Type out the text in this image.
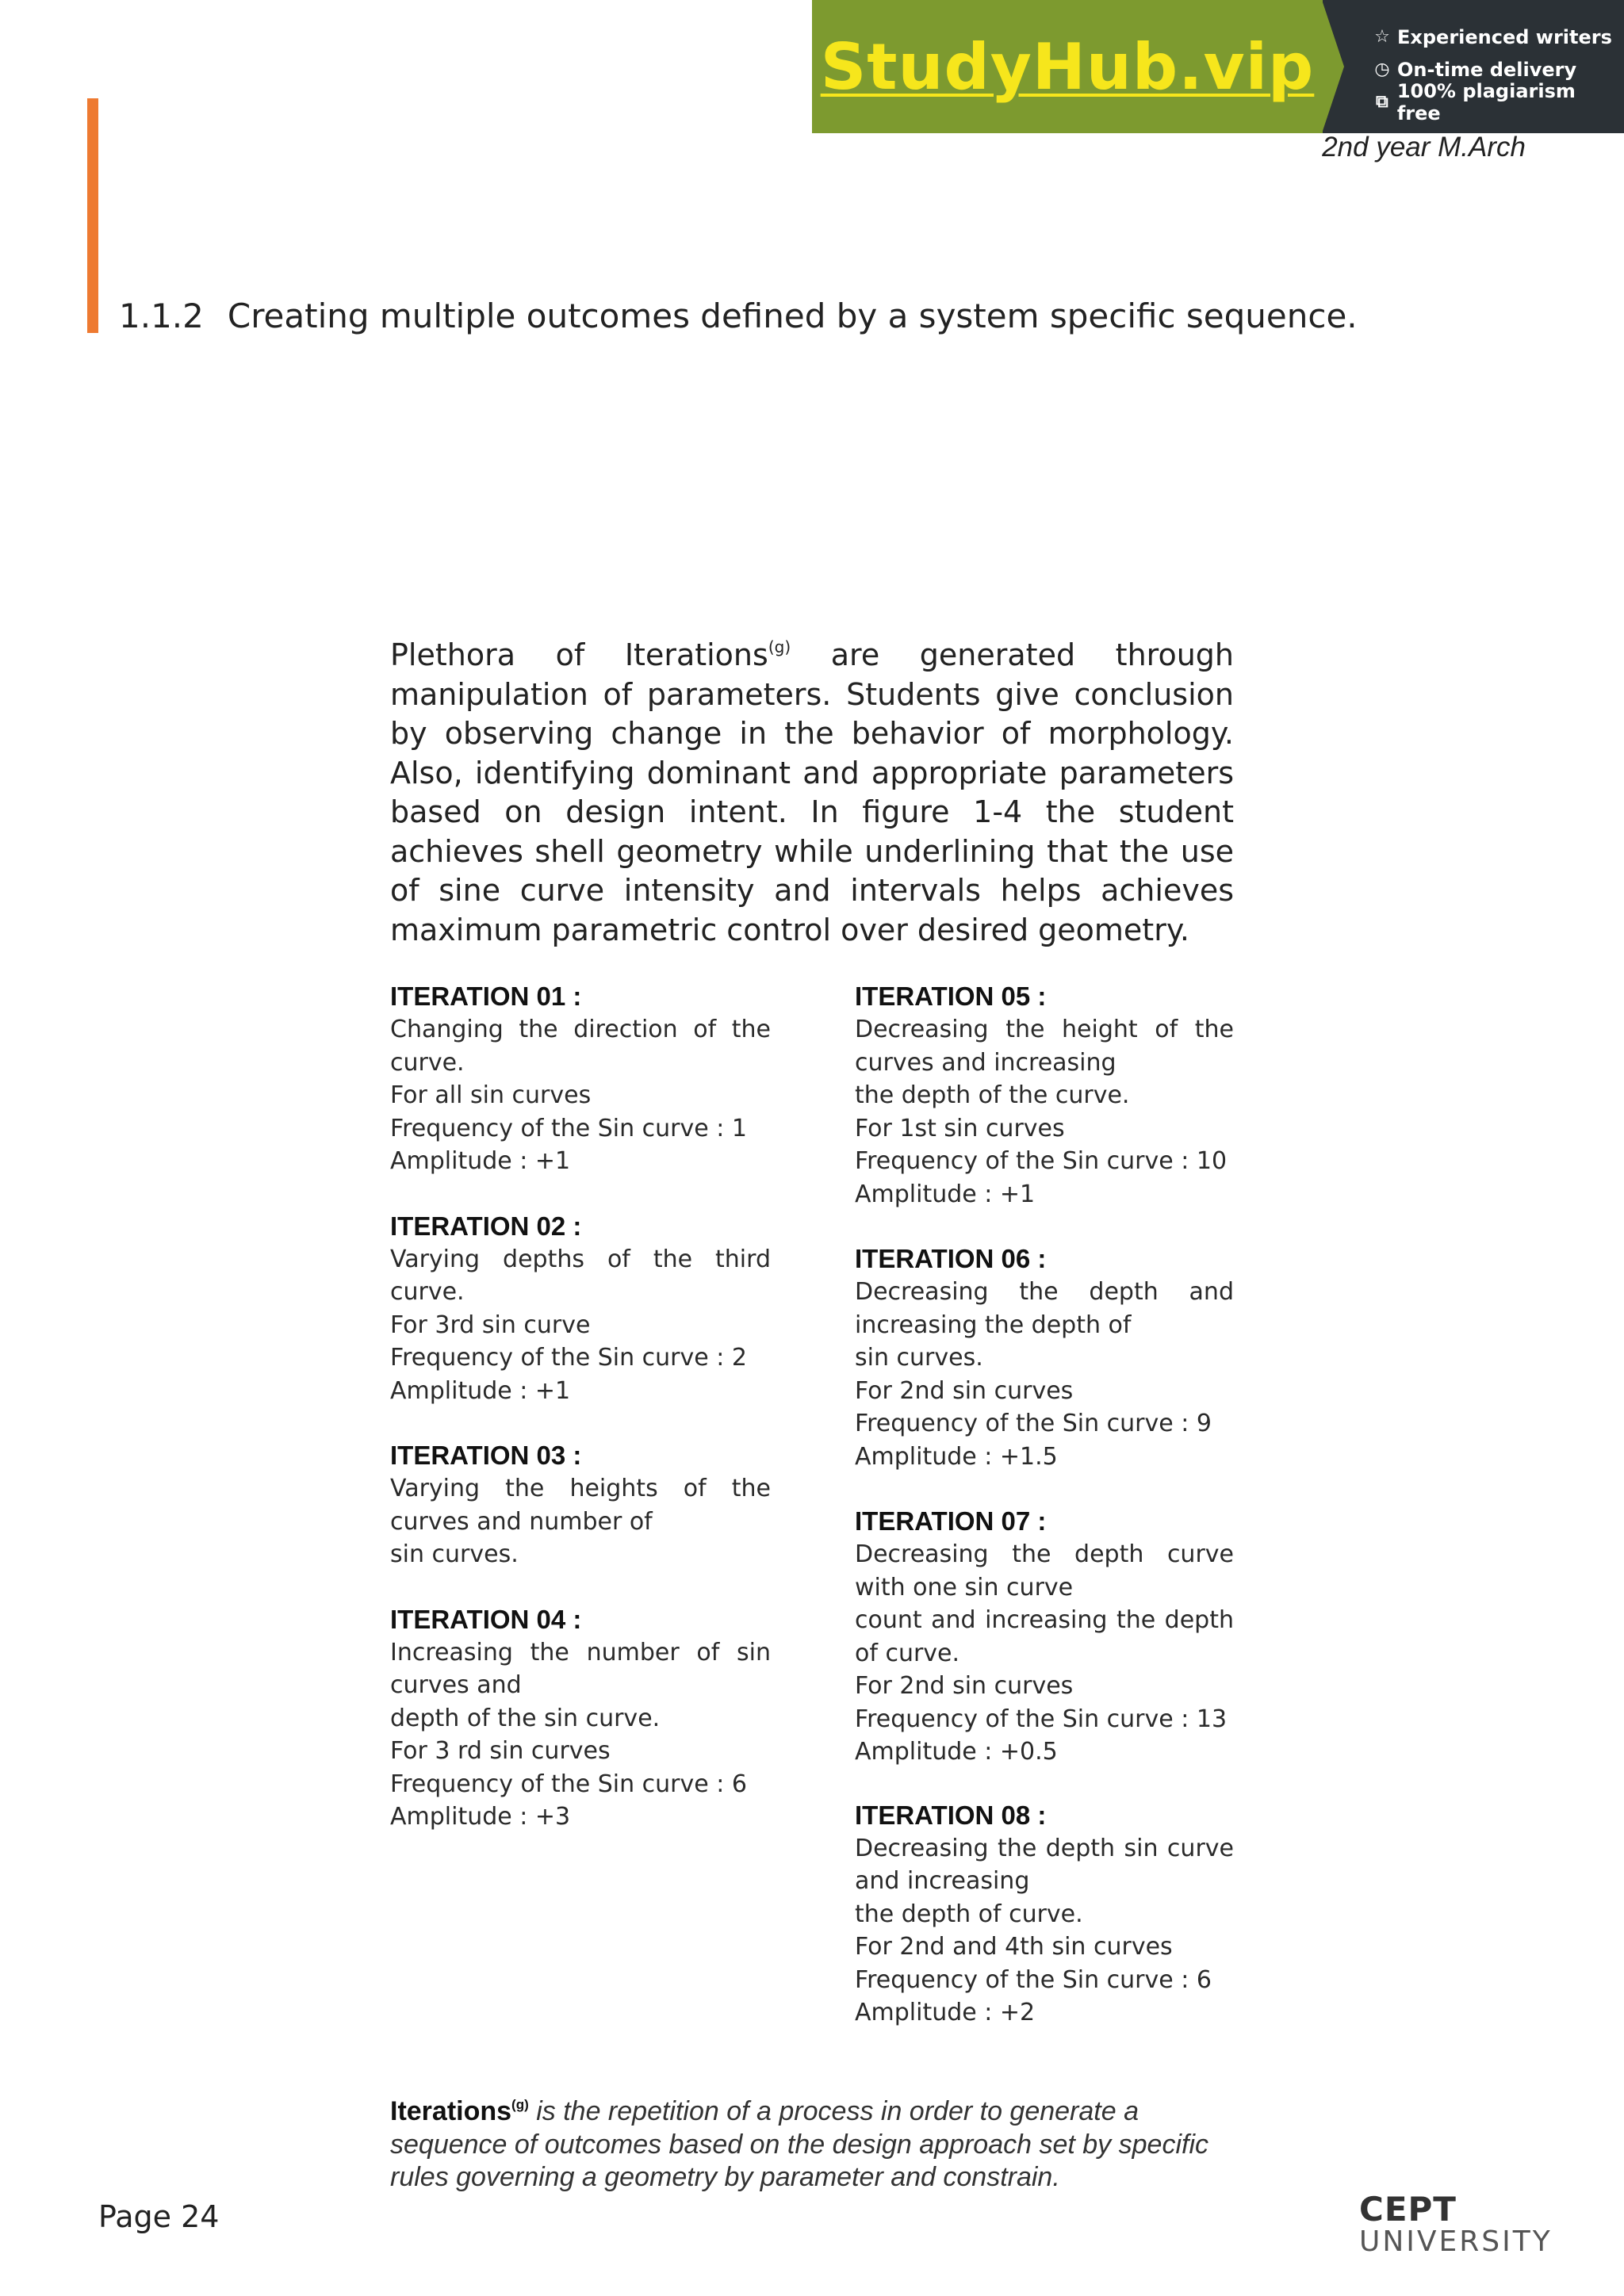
StudyHub.vip	☆ Experienced writers
◷ On-time delivery
⧉ 100% plagiarism free
2nd year M.Arch
1.1.2 Creating multiple outcomes defined by a system specific sequence.
Plethora of Iterations$^{(g)}$ are generated through manipulation of parameters. Students give conclusion by observing change in the behavior of morphology. Also, identifying dominant and appropriate parameters based on design intent. In figure 1-4 the student achieves shell geometry while underlining that the use of sine curve intensity and intervals helps achieves maximum parametric control over desired geometry.
ITERATION 01 :
Changing the direction of the
curve.
For all sin curves
Frequency of the Sin curve : 1
Amplitude : +1
ITERATION 02 :
Varying depths of the third
curve.
For 3rd sin curve
Frequency of the Sin curve : 2
Amplitude : +1
ITERATION 03 :
Varying the heights of the
curves and number of
sin curves.
ITERATION 04 :
Increasing the number of sin
curves and
depth of the sin curve.
For 3 rd sin curves
Frequency of the Sin curve : 6
Amplitude : +3
ITERATION 05 :
Decreasing the height of the
curves and increasing
the depth of the curve.
For 1st sin curves
Frequency of the Sin curve : 10
Amplitude : +1
ITERATION 06 :
Decreasing the depth and
increasing the depth of
sin curves.
For 2nd sin curves
Frequency of the Sin curve : 9
Amplitude : +1.5
ITERATION 07 :
Decreasing the depth curve
with one sin curve
count and increasing the depth
of curve.
For 2nd sin curves
Frequency of the Sin curve : 13
Amplitude : +0.5
ITERATION 08 :
Decreasing the depth sin curve
and increasing
the depth of curve.
For 2nd and 4th sin curves
Frequency of the Sin curve : 6
Amplitude : +2
Iterations$^{(g)}$ is the repetition of a process in order to generate a sequence of outcomes based on the design approach set by specific rules governing a geometry by parameter and constrain.
Page 24	CEPT
UNIVERSITY
